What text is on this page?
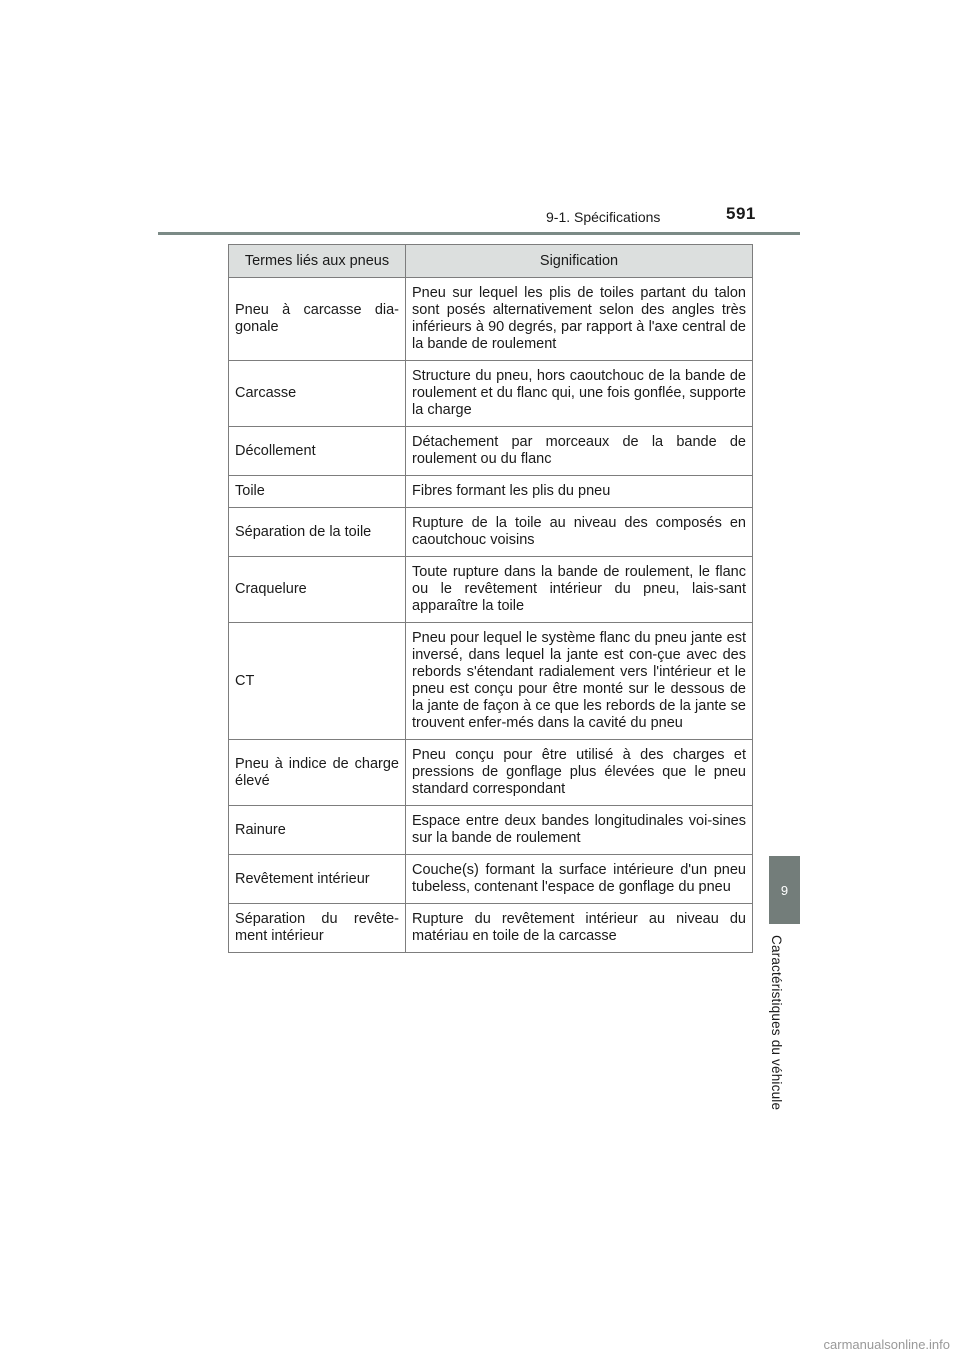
9-1. Spécifications	591
Termes liés aux pneus	Signification
Pneu à carcasse dia-gonale	Pneu sur lequel les plis de toiles partant du talon sont posés alternativement selon des angles très inférieurs à 90 degrés, par rapport à l'axe central de la bande de roulement
Carcasse	Structure du pneu, hors caoutchouc de la bande de roulement et du flanc qui, une fois gonflée, supporte la charge
Décollement	Détachement par morceaux de la bande de roulement ou du flanc
Toile	Fibres formant les plis du pneu
Séparation de la toile	Rupture de la toile au niveau des composés en caoutchouc voisins
Craquelure	Toute rupture dans la bande de roulement, le flanc ou le revêtement intérieur du pneu, lais-sant apparaître la toile
CT	Pneu pour lequel le système flanc du pneu jante est inversé, dans lequel la jante est con-çue avec des rebords s'étendant radialement vers l'intérieur et le pneu est conçu pour être monté sur le dessous de la jante de façon à ce que les rebords de la jante se trouvent enfer-més dans la cavité du pneu
Pneu à indice de charge élevé	Pneu conçu pour être utilisé à des charges et pressions de gonflage plus élevées que le pneu standard correspondant
Rainure	Espace entre deux bandes longitudinales voi-sines sur la bande de roulement
Revêtement intérieur	Couche(s) formant la surface intérieure d'un pneu tubeless, contenant l'espace de gonflage du pneu
Séparation du revête-ment intérieur	Rupture du revêtement intérieur au niveau du matériau en toile de la carcasse
9
Caractéristiques du véhicule
carmanualsonline.info
